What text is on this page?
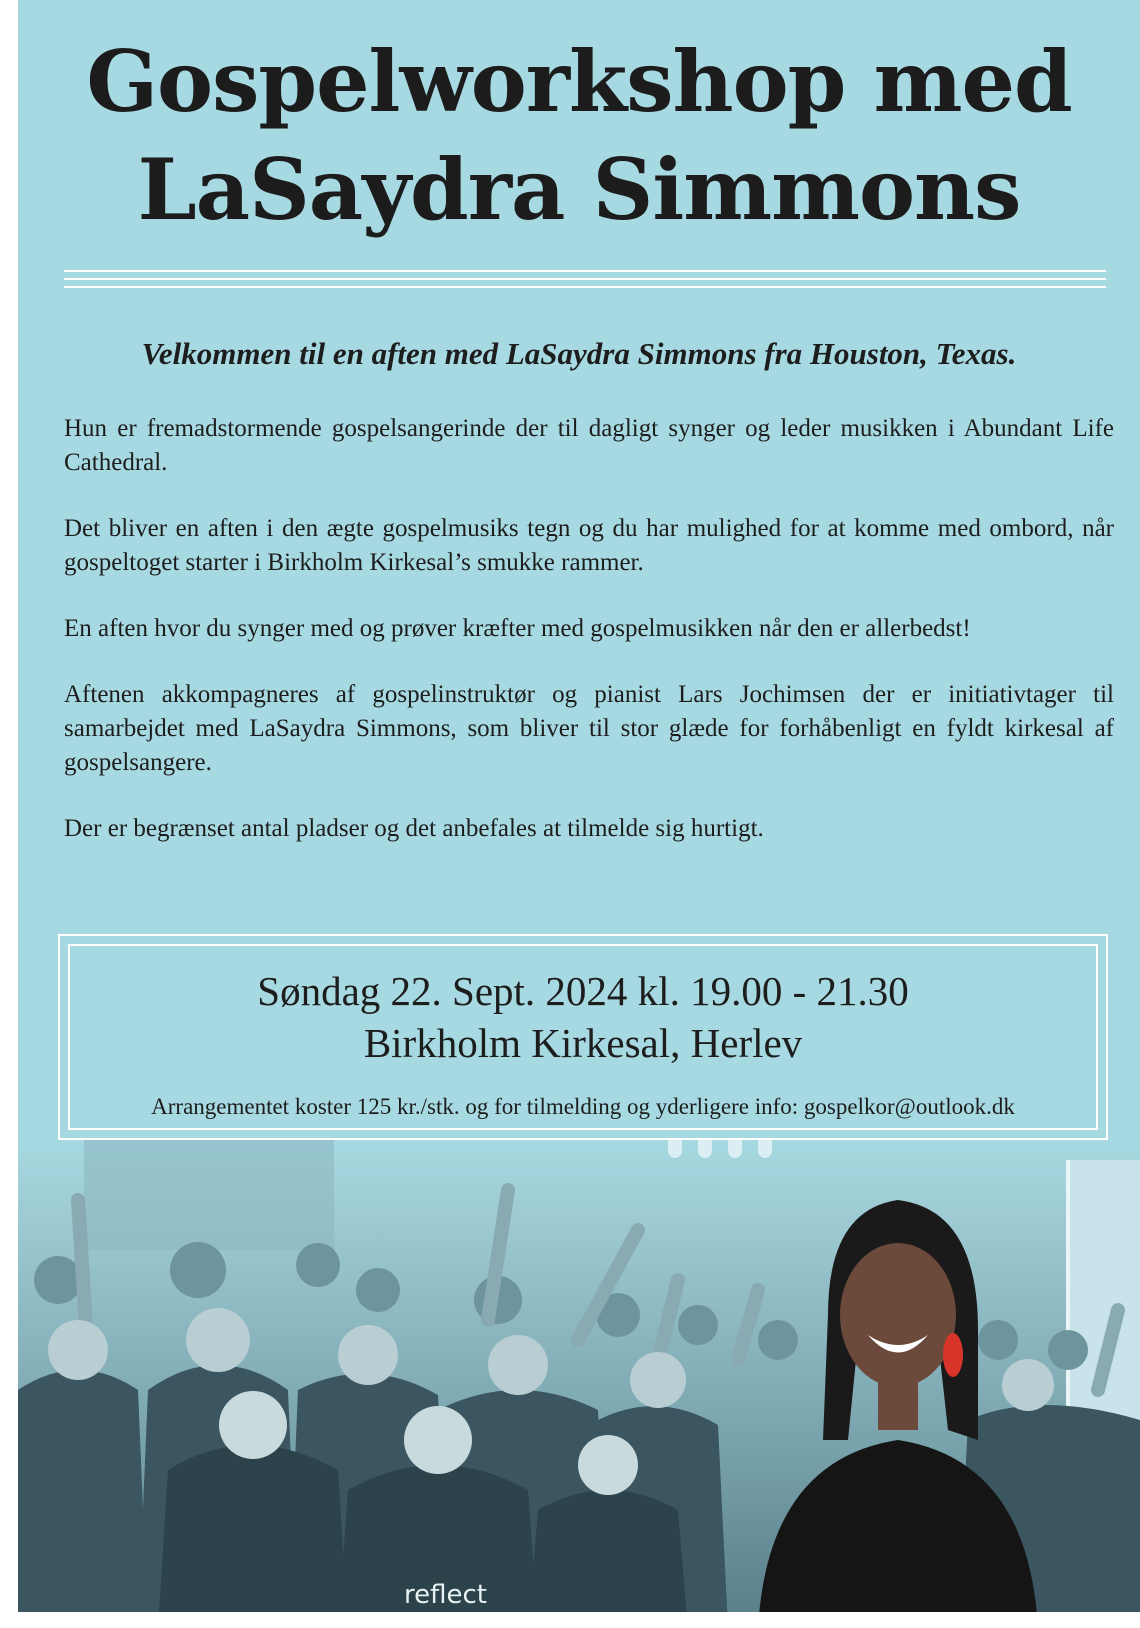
Gospelworkshop med
LaSaydra Simmons
Velkommen til en aften med LaSaydra Simmons fra Houston, Texas.

Hun er fremadstormende gospelsangerinde der til dagligt synger og leder musikken i Abundant Life Cathedral.

Det bliver en aften i den ægte gospelmusiks tegn og du har mulighed for at komme med ombord, når gospeltoget starter i Birkholm Kirkesal’s smukke rammer.

En aften hvor du synger med og prøver kræfter med gospelmusikken når den er allerbedst!

Aftenen akkompagneres af gospelinstruktør og pianist Lars Jochimsen der er initiativtager til samarbejdet med LaSaydra Simmons, som bliver til stor glæde for forhåbenligt en fyldt kirkesal af gospelsangere.

Der er begrænset antal pladser og det anbefales at tilmelde sig hurtigt.

Søndag 22. Sept. 2024 kl. 19.00 - 21.30
Birkholm Kirkesal, Herlev
Arrangementet koster 125 kr./stk. og for tilmelding og yderligere info: gospelkor@outlook.dk
reflect
